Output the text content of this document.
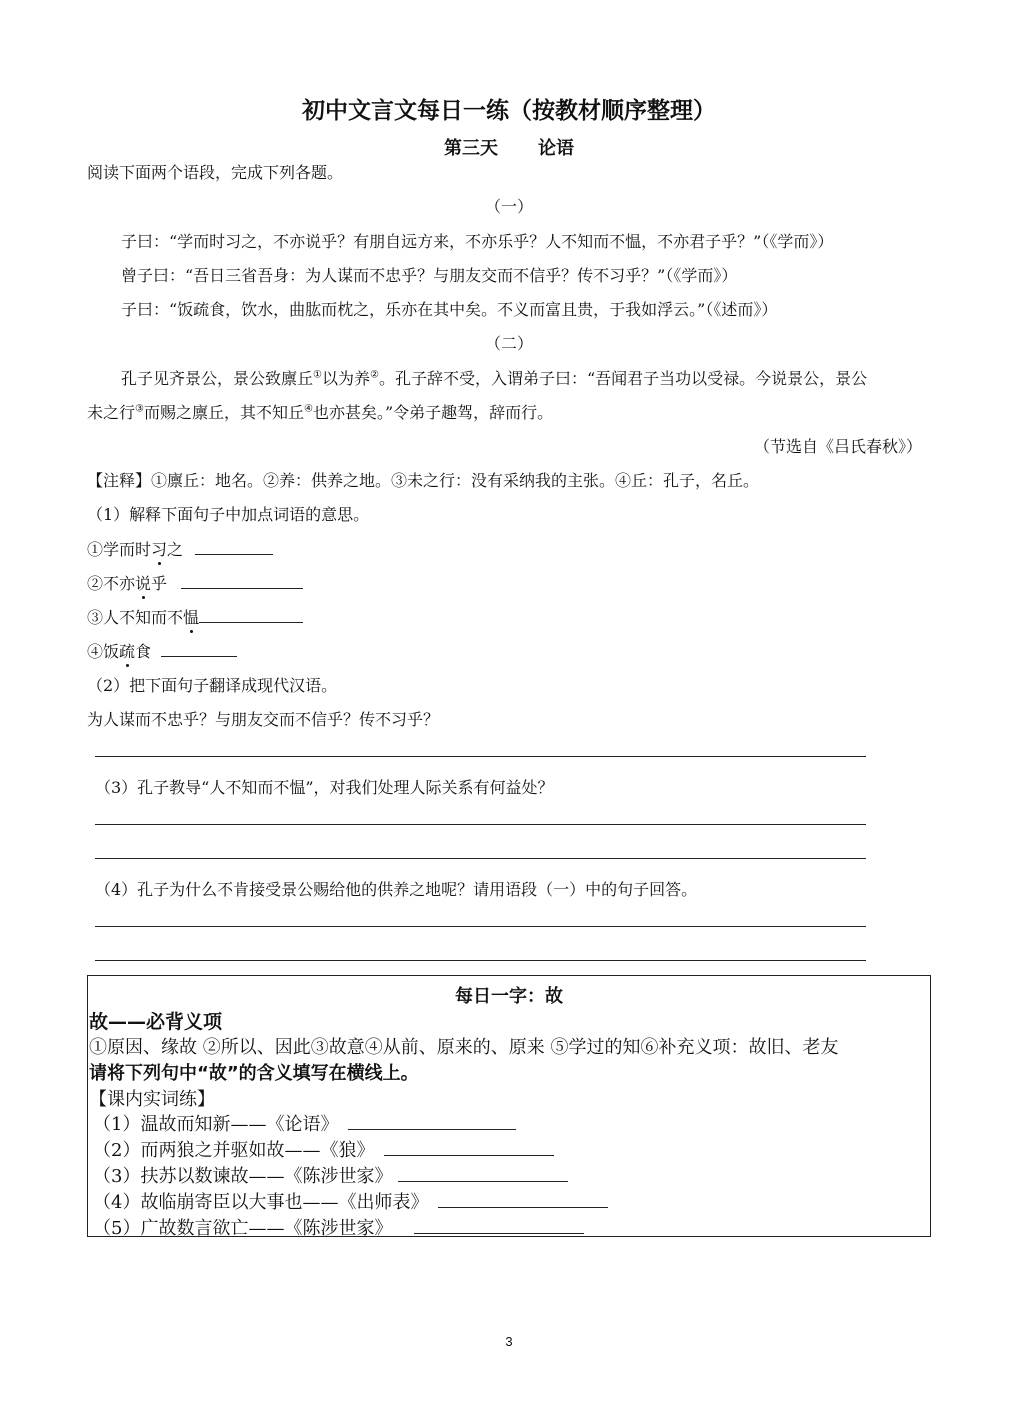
初中文言文每日一练（按教材顺序整理）
第三天 论语
阅读下面两个语段，完成下列各题。
（一）
子曰：“学而时习之，不亦说乎？有朋自远方来，不亦乐乎？人不知而不愠，不亦君子乎？”（《学而》）
曾子曰：“吾日三省吾身：为人谋而不忠乎？与朋友交而不信乎？传不习乎？”（《学而》）
子曰：“饭疏食，饮水，曲肱而枕之，乐亦在其中矣。不义而富且贵，于我如浮云。”（《述而》）
（二）
孔子见齐景公，景公致廪丘①以为养②。孔子辞不受，入谓弟子曰：“吾闻君子当功以受禄。今说景公，景公
未之行③而赐之廪丘，其不知丘④也亦甚矣。”令弟子趣驾，辞而行。
（节选自《吕氏春秋》）
【注释】①廪丘：地名。②养：供养之地。③未之行：没有采纳我的主张。④丘：孔子，名丘。
（1）解释下面句子中加点词语的意思。
①学而时习之
②不亦说乎
③人不知而不愠
④饭疏食
（2）把下面句子翻译成现代汉语。
为人谋而不忠乎？与朋友交而不信乎？传不习乎？
（3）孔子教导“人不知而不愠”，对我们处理人际关系有何益处？
（4）孔子为什么不肯接受景公赐给他的供养之地呢？请用语段（一）中的句子回答。
每日一字：故
故——必背义项
①原因、缘故 ②所以、因此③故意④从前、原来的、原来 ⑤学过的知⑥补充义项：故旧、老友
请将下列句中“故”的含义填写在横线上。
【课内实词练】
（1）温故而知新——《论语》
（2）而两狼之并驱如故——《狼》
（3）扶苏以数谏故——《陈涉世家》
（4）故临崩寄臣以大事也——《出师表》
（5）广故数言欲亡——《陈涉世家》
3
